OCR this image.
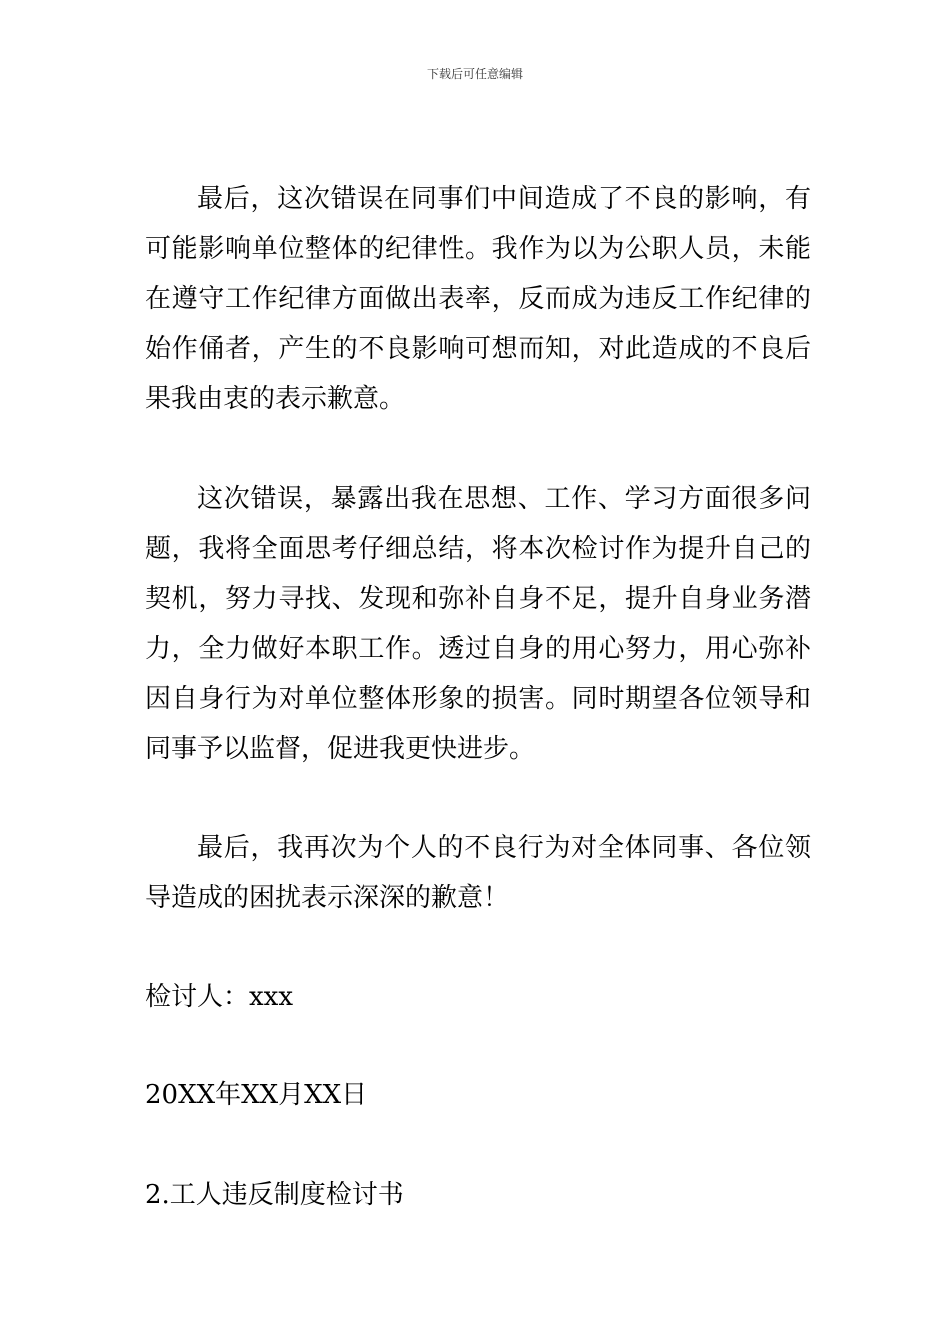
下载后可任意编辑

最后，这次错误在同事们中间造成了不良的影响，有可能影响单位整体的纪律性。我作为以为公职人员，未能在遵守工作纪律方面做出表率，反而成为违反工作纪律的始作俑者，产生的不良影响可想而知，对此造成的不良后果我由衷的表示歉意。

这次错误，暴露出我在思想、工作、学习方面很多问题，我将全面思考仔细总结，将本次检讨作为提升自己的契机，努力寻找、发现和弥补自身不足，提升自身业务潜力，全力做好本职工作。透过自身的用心努力，用心弥补因自身行为对单位整体形象的损害。同时期望各位领导和同事予以监督，促进我更快进步。

最后，我再次为个人的不良行为对全体同事、各位领导造成的困扰表示深深的歉意！

检讨人：xxx

20XX年XX月XX日

2.工人违反制度检讨书
